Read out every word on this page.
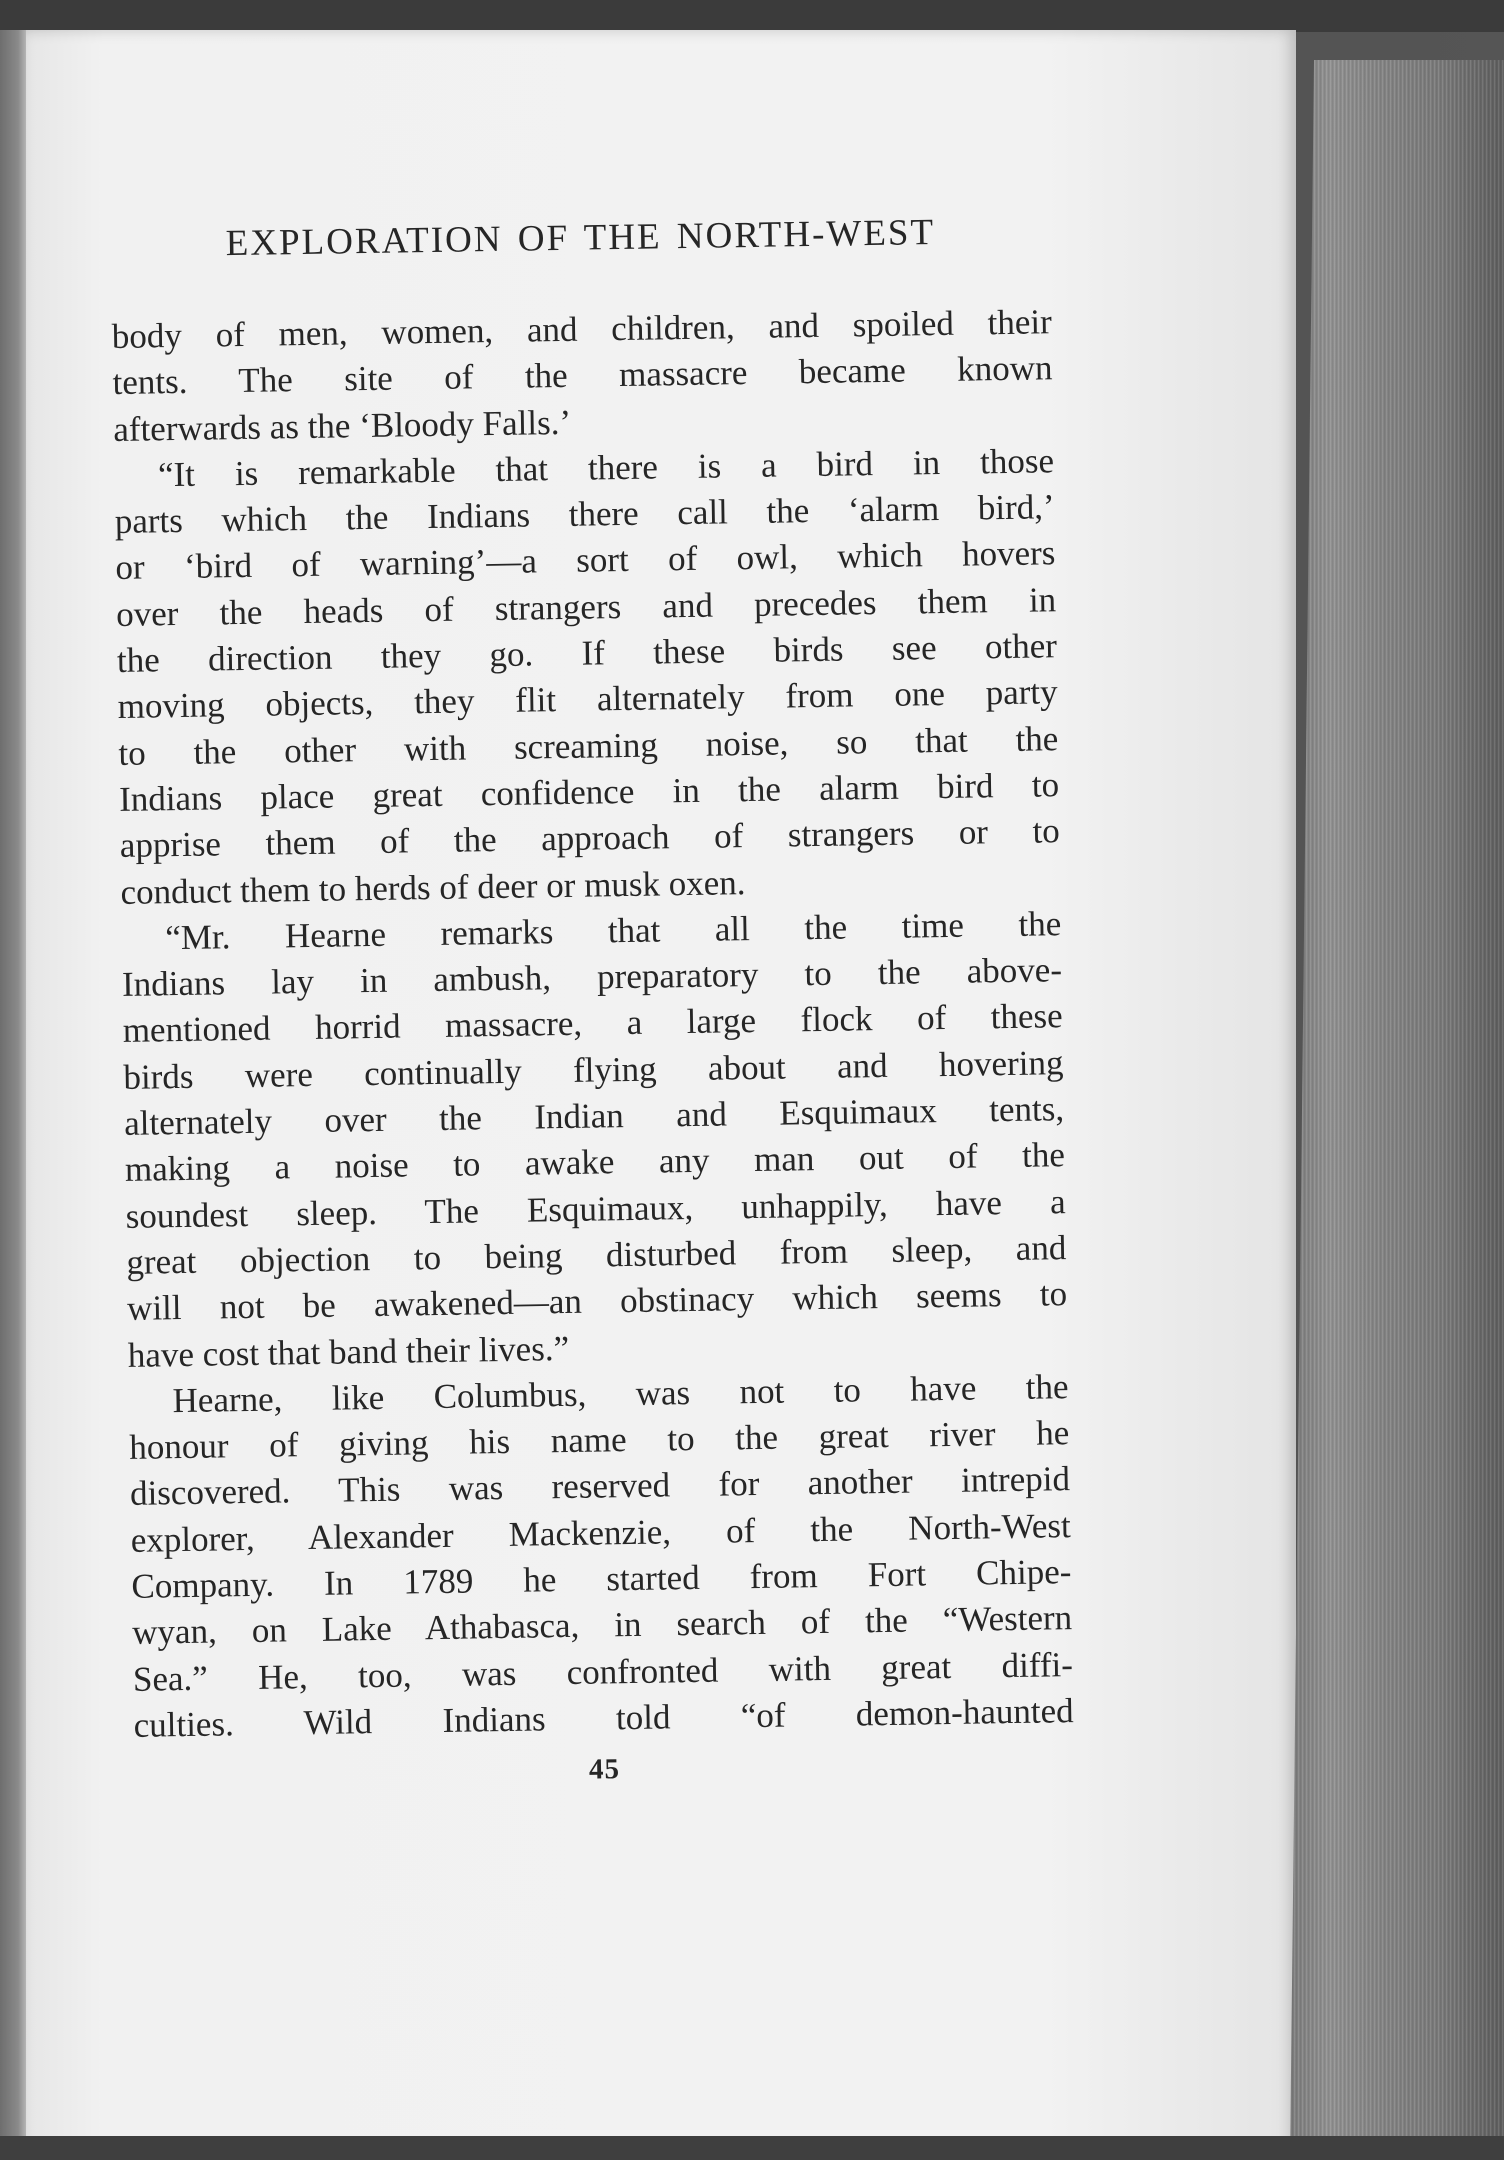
EXPLORATION OF THE NORTH-WEST

body of men, women, and children, and spoiled their

tents. The site of the massacre became known

afterwards as the ‘Bloody Falls.’

“It is remarkable that there is a bird in those

parts which the Indians there call the ‘alarm bird,’

or ‘bird of warning’—a sort of owl, which hovers

over the heads of strangers and precedes them in

the direction they go. If these birds see other

moving objects, they flit alternately from one party

to the other with screaming noise, so that the

Indians place great confidence in the alarm bird to

apprise them of the approach of strangers or to

conduct them to herds of deer or musk oxen.

“Mr. Hearne remarks that all the time the

Indians lay in ambush, preparatory to the above-

mentioned horrid massacre, a large flock of these

birds were continually flying about and hovering

alternately over the Indian and Esquimaux tents,

making a noise to awake any man out of the

soundest sleep. The Esquimaux, unhappily, have a

great objection to being disturbed from sleep, and

will not be awakened—an obstinacy which seems to

have cost that band their lives.”

Hearne, like Columbus, was not to have the

honour of giving his name to the great river he

discovered. This was reserved for another intrepid

explorer, Alexander Mackenzie, of the North-West

Company. In 1789 he started from Fort Chipe-

wyan, on Lake Athabasca, in search of the “Western

Sea.” He, too, was confronted with great diffi-

culties. Wild Indians told “of demon-haunted

45
